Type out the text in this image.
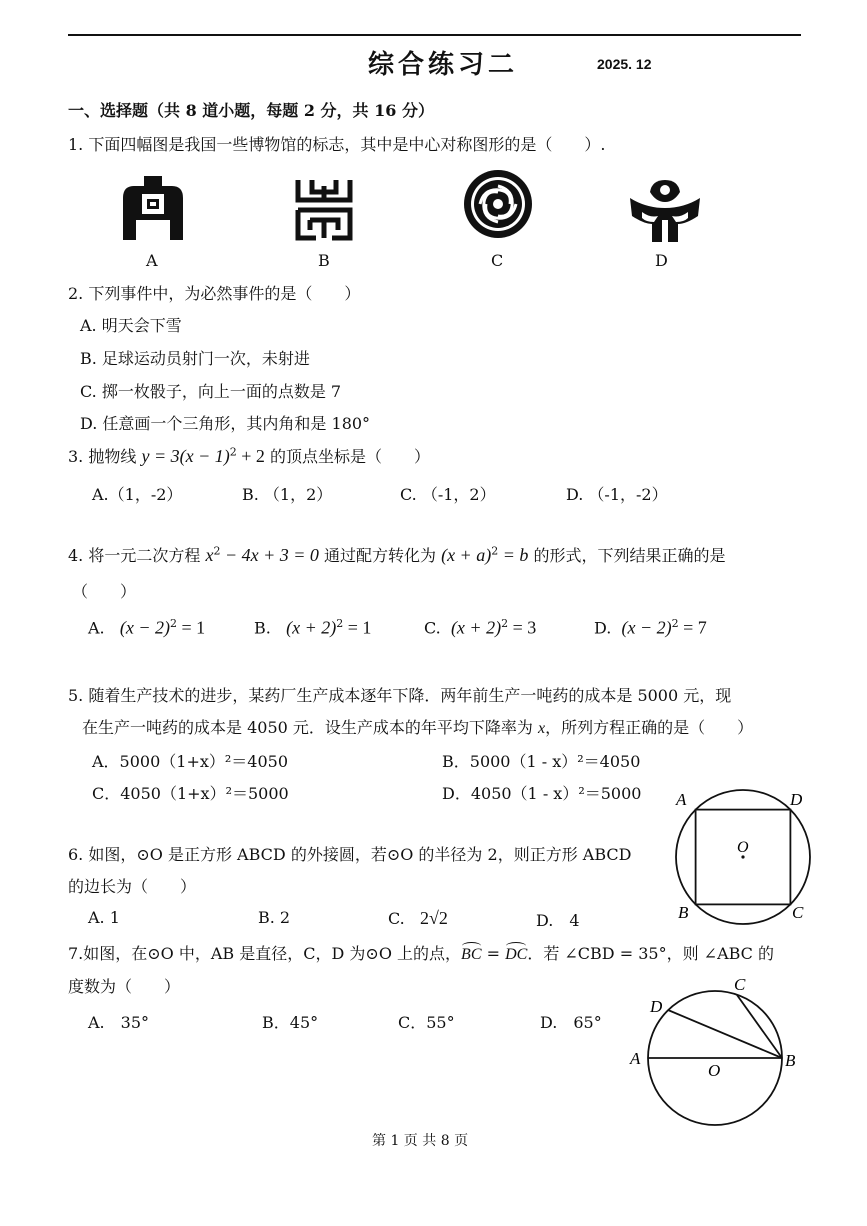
综合练习二	2025. 12
一、选择题（共 8 道小题，每题 2 分，共 16 分）
1. 下面四幅图是我国一些博物馆的标志，其中是中心对称图形的是（　　）.
A	B	C	D
2. 下列事件中，为必然事件的是（　　）
A. 明天会下雪
B. 足球运动员射门一次，未射进
C. 掷一枚骰子，向上一面的点数是 7
D. 任意画一个三角形，其内角和是 180°
3. 抛物线 $y = 3(x - 1)^2 + 2$ 的顶点坐标是（　　）
A.（1，-2）	B. （1，2）	C. （-1，2）	D. （-1，-2）
4. 将一元二次方程 $x^2 - 4x + 3 = 0$ 通过配方转化为 $(x + a)^2 = b$ 的形式，下列结果正确的是
（　　）
A. $(x - 2)^2 = 1$	B. $(x + 2)^2 = 1$	C. $(x + 2)^2 = 3$	D. $(x - 2)^2 = 7$
5. 随着生产技术的进步，某药厂生产成本逐年下降．两年前生产一吨药的成本是 5000 元，现
在生产一吨药的成本是 4050 元．设生产成本的年平均下降率为 x，所列方程正确的是（　　）
A．5000（1+x）²＝4050	B．5000（1 - x）²＝4050
C．4050（1+x）²＝5000	D．4050（1 - x）²＝5000 A	D
B	C
O
6. 如图，⊙O 是正方形 ABCD 的外接圆，若⊙O 的半径为 2，则正方形 ABCD
的边长为（　　）
A. 1	B. 2	C. 2√2	D.　4
7.如图，在⊙O 中，AB 是直径，C，D 为⊙O 上的点，BC = DC．若 ∠CBD = 35°，则 ∠ABC 的
度数为（　　）
A.　35°	B．45°	C．55°	D.　65°
A	B
C
D
O
第 1 页 共 8 页
